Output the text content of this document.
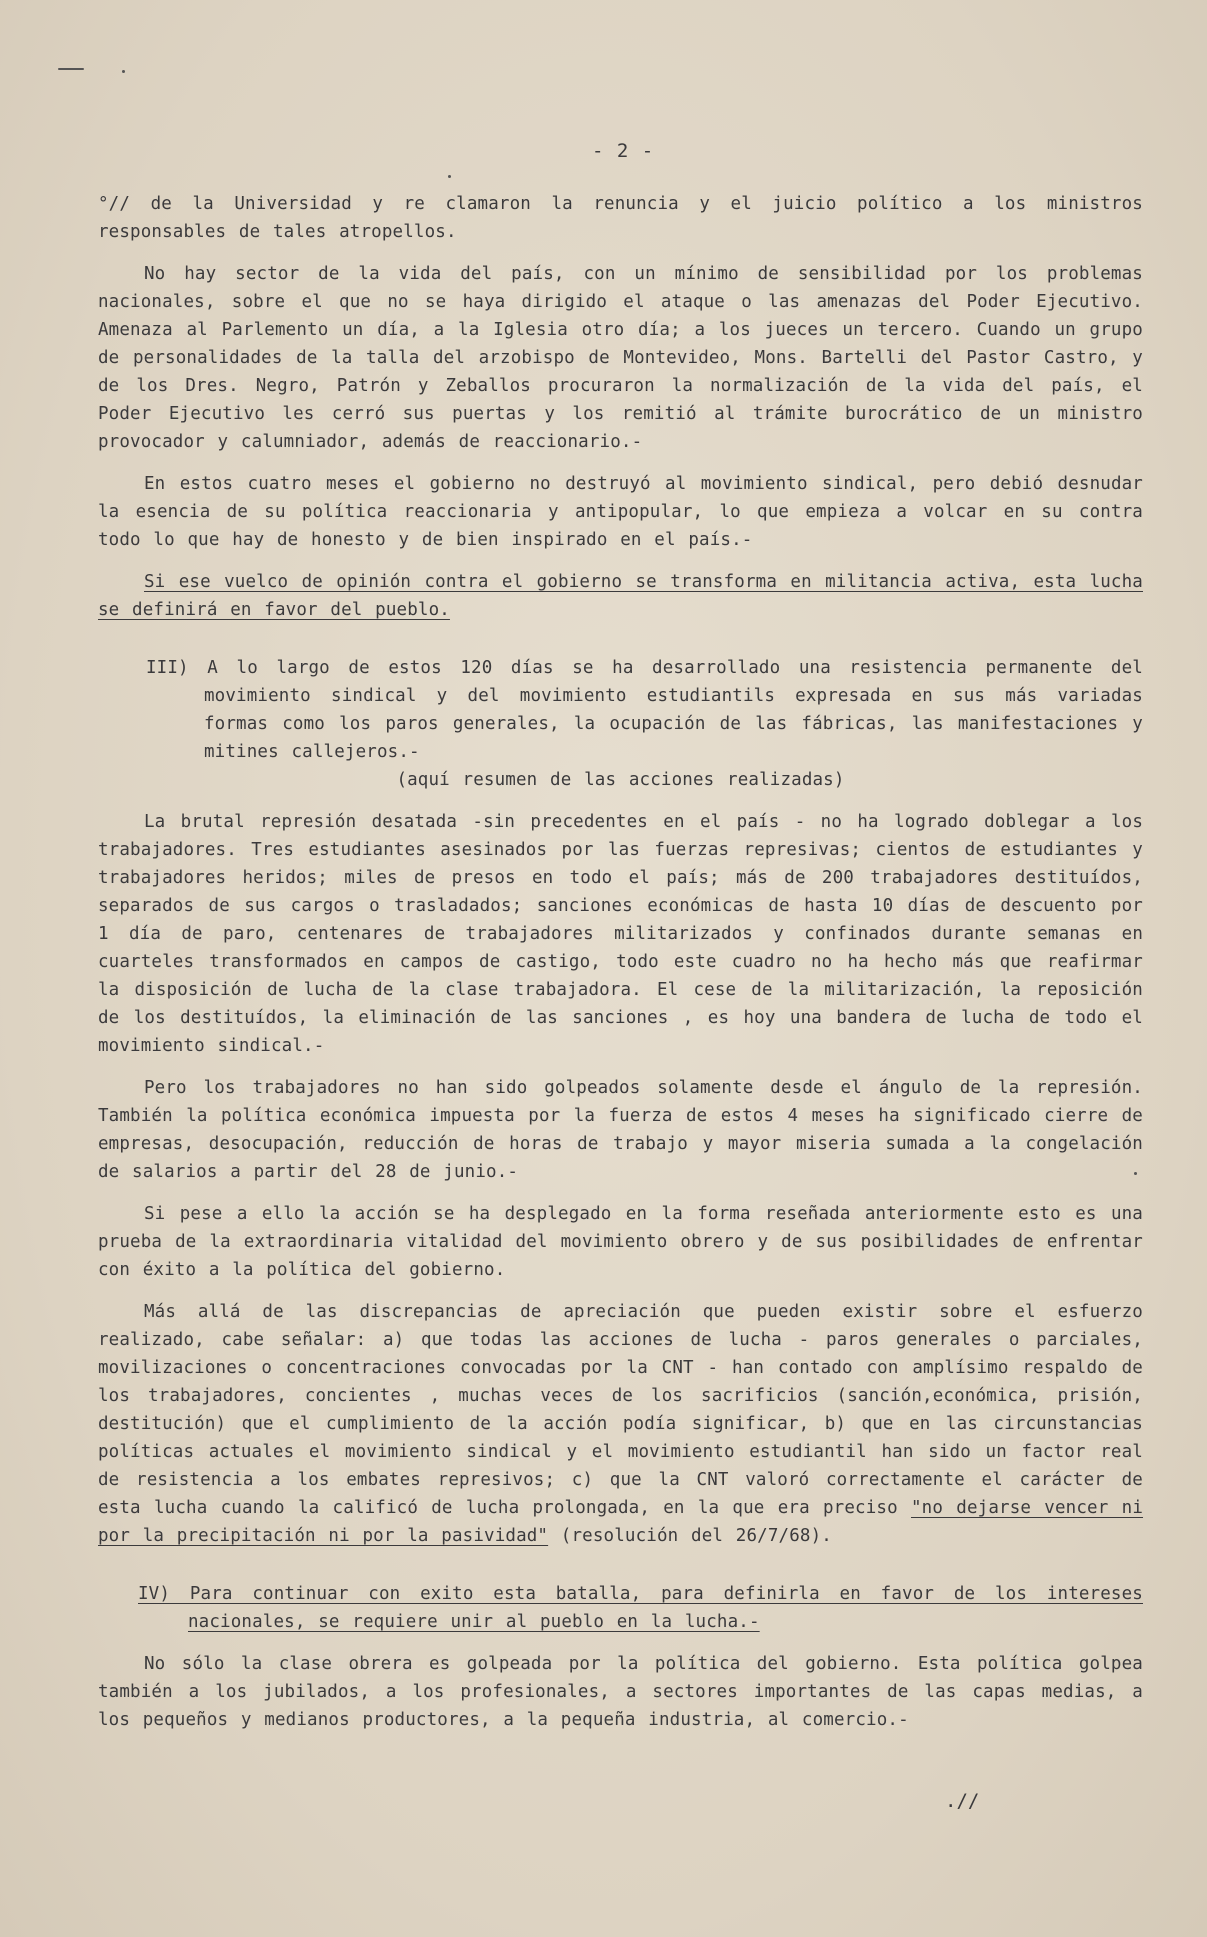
- 2 -

°// de la Universidad y re clamaron la renuncia y el juicio político a los ministros responsables de tales atropellos.

No hay sector de la vida del país, con un mínimo de sensibilidad por los problemas nacionales, sobre el que no se haya dirigido el ataque o las amenazas del Poder Ejecutivo. Amenaza al Parlemento un día, a la Iglesia otro día; a los jueces un tercero. Cuando un grupo de personalidades de la talla del arzobispo de Montevideo, Mons. Bartelli del Pastor Castro, y de los Dres. Negro, Patrón y Zeballos procuraron la normalización de la vida del país, el Poder Ejecutivo les cerró sus puertas y los remitió al trámite burocrático de un ministro provocador y calumniador, además de reaccionario.-

En estos cuatro meses el gobierno no destruyó al movimiento sindical, pero debió desnudar la esencia de su política reaccionaria y antipopular, lo que empieza a volcar en su contra todo lo que hay de honesto y de bien inspirado en el país.-

Si ese vuelco de opinión contra el gobierno se transforma en militancia activa, esta lucha se definirá en favor del pueblo.

III) A lo largo de estos 120 días se ha desarrollado una resistencia permanente del movimiento sindical y del movimiento estudiantils expresada en sus más variadas formas como los paros generales, la ocupación de las fábricas, las manifestaciones y mitines callejeros.-

(aquí resumen de las acciones realizadas)

La brutal represión desatada -sin precedentes en el país - no ha logrado doblegar a los trabajadores. Tres estudiantes asesinados por las fuerzas represivas; cientos de estudiantes y trabajadores heridos; miles de presos en todo el país; más de 200 trabajadores destituídos, separados de sus cargos o trasladados; sanciones económicas de hasta 10 días de descuento por 1 día de paro, centenares de trabajadores militarizados y confinados durante semanas en cuarteles transformados en campos de castigo, todo este cuadro no ha hecho más que reafirmar la disposición de lucha de la clase trabajadora. El cese de la militarización, la reposición de los destituídos, la eliminación de las sanciones , es hoy una bandera de lucha de todo el movimiento sindical.-

Pero los trabajadores no han sido golpeados solamente desde el ángulo de la represión. También la política económica impuesta por la fuerza de estos 4 meses ha significado cierre de empresas, desocupación, reducción de horas de trabajo y mayor miseria sumada a la congelación de salarios a partir del 28 de junio.-

Si pese a ello la acción se ha desplegado en la forma reseñada anteriormente esto es una prueba de la extraordinaria vitalidad del movimiento obrero y de sus posibilidades de enfrentar con éxito a la política del gobierno.

Más allá de las discrepancias de apreciación que pueden existir sobre el esfuerzo realizado, cabe señalar: a) que todas las acciones de lucha - paros generales o parciales, movilizaciones o concentraciones convocadas por la CNT - han contado con amplísimo respaldo de los trabajadores, concientes , muchas veces de los sacrificios (sanción,económica, prisión, destitución) que el cumplimiento de la acción podía significar, b) que en las circunstancias políticas actuales el movimiento sindical y el movimiento estudiantil han sido un factor real de resistencia a los embates represivos; c) que la CNT valoró correctamente el carácter de esta lucha cuando la calificó de lucha prolongada, en la que era preciso "no dejarse vencer ni por la precipitación ni por la pasividad" (resolución del 26/7/68).

IV) Para continuar con exito esta batalla, para definirla en favor de los intereses nacionales, se requiere unir al pueblo en la lucha.-

No sólo la clase obrera es golpeada por la política del gobierno. Esta política golpea también a los jubilados, a los profesionales, a sectores importantes de las capas medias, a los pequeños y medianos productores, a la pequeña industria, al comercio.-

.//
